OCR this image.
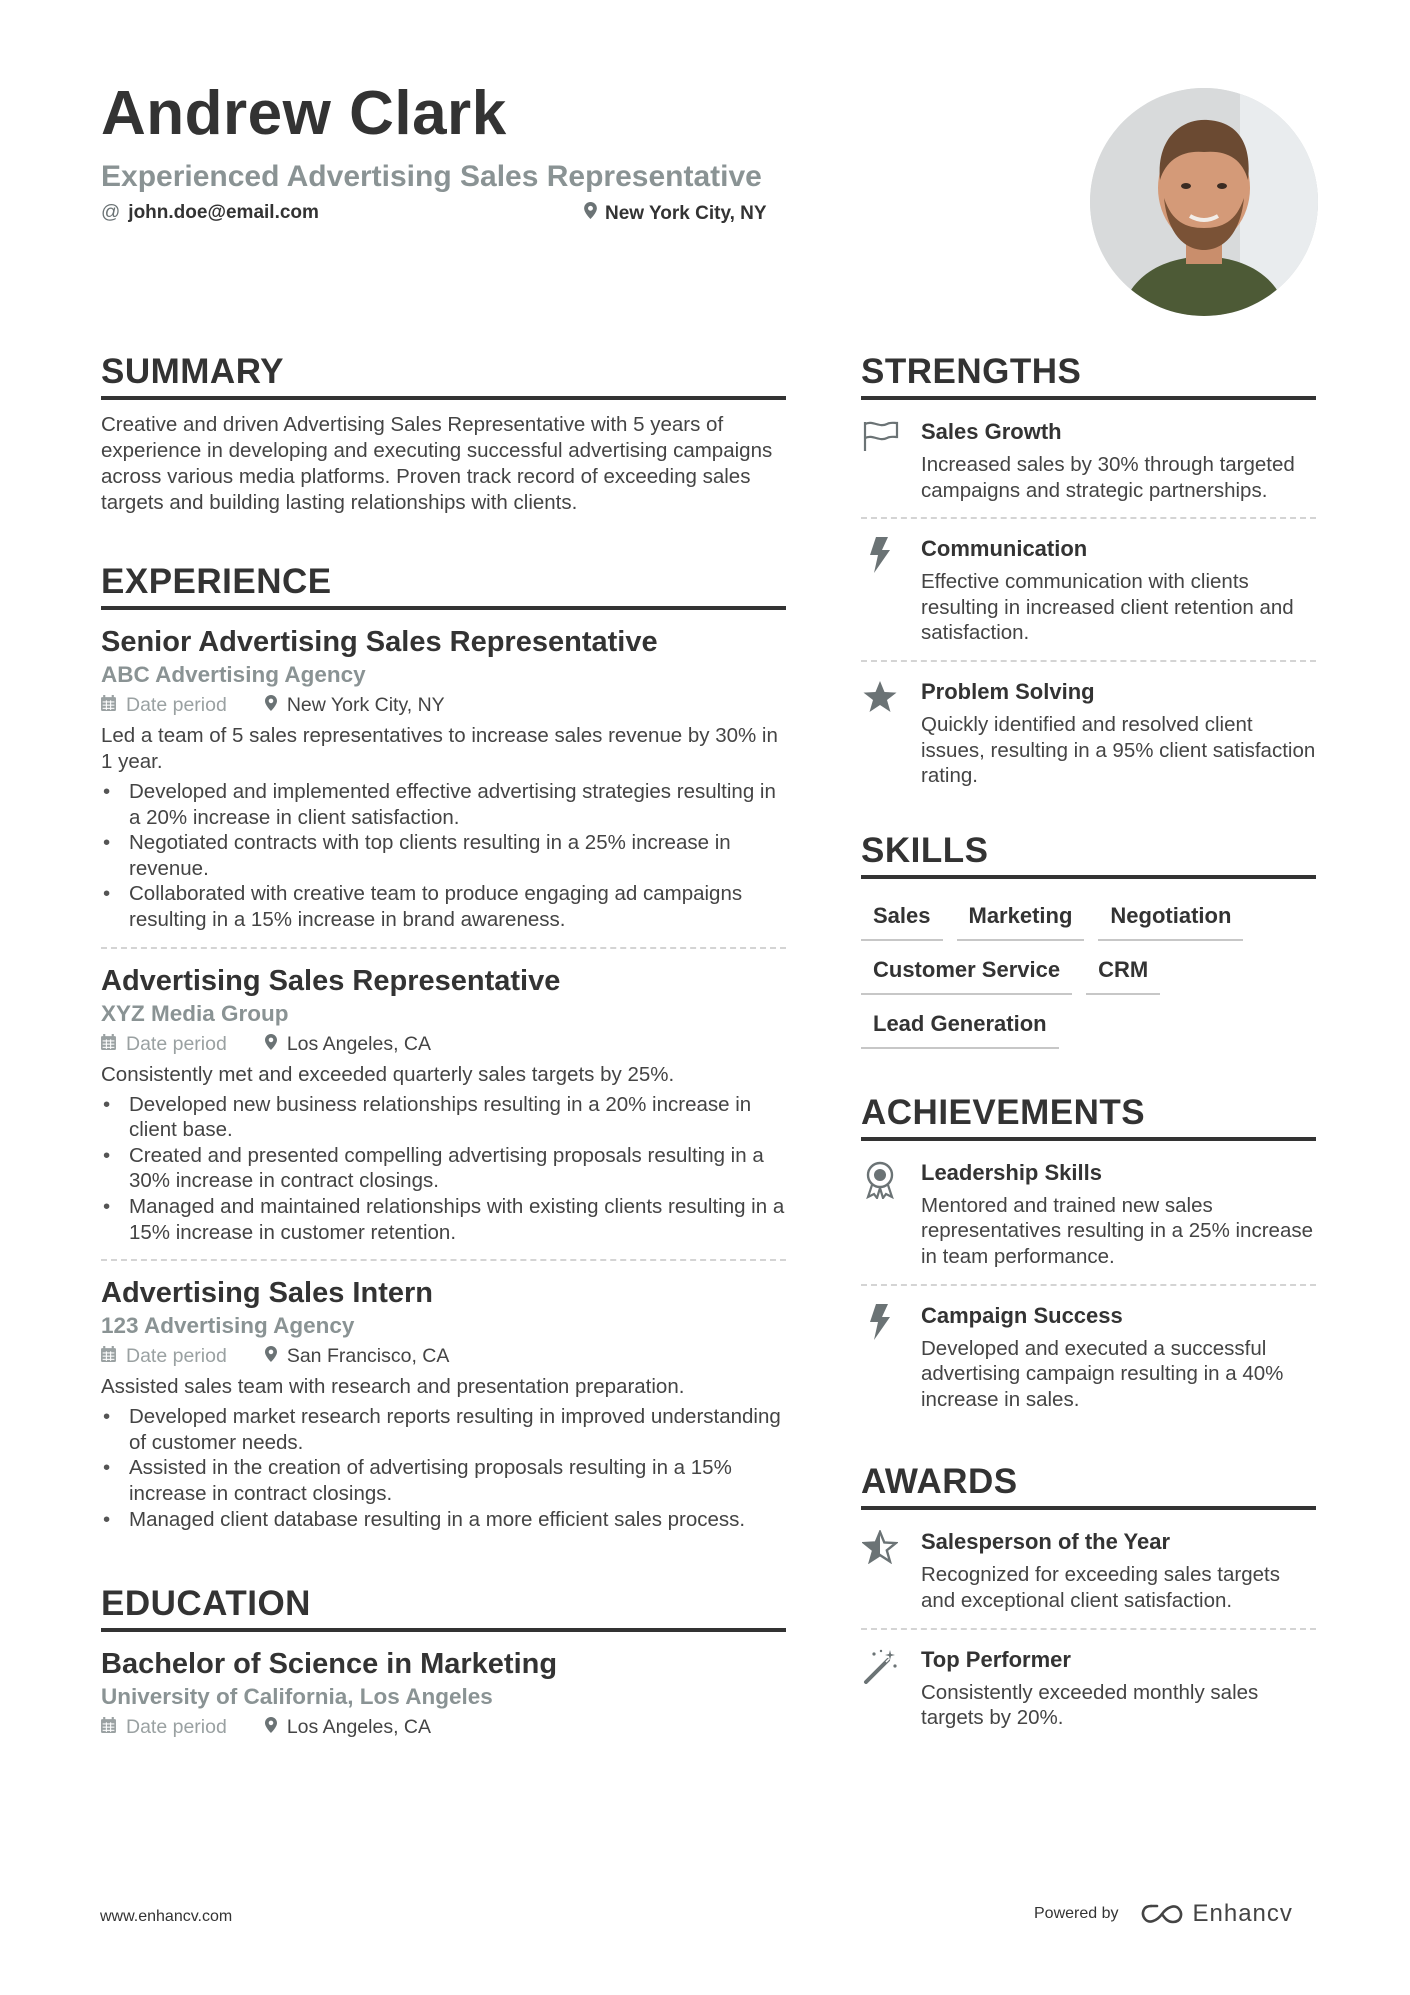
Andrew Clark
Experienced Advertising Sales Representative
@ john.doe@email.com	New York City, NY
SUMMARY

Creative and driven Advertising Sales Representative with 5 years of experience in developing and executing successful advertising campaigns across various media platforms. Proven track record of exceeding sales targets and building lasting relationships with clients.

EXPERIENCE
Senior Advertising Sales Representative
ABC Advertising Agency
Date period	New York City, NY

Led a team of 5 sales representatives to increase sales revenue by 30% in 1 year.

• Developed and implemented effective advertising strategies resulting in a 20% increase in client satisfaction.
• Negotiated contracts with top clients resulting in a 25% increase in revenue.
• Collaborated with creative team to produce engaging ad campaigns resulting in a 15% increase in brand awareness.
Advertising Sales Representative
XYZ Media Group
Date period	Los Angeles, CA

Consistently met and exceeded quarterly sales targets by 25%.

• Developed new business relationships resulting in a 20% increase in client base.
• Created and presented compelling advertising proposals resulting in a 30% increase in contract closings.
• Managed and maintained relationships with existing clients resulting in a 15% increase in customer retention.
Advertising Sales Intern
123 Advertising Agency
Date period	San Francisco, CA

Assisted sales team with research and presentation preparation.

• Developed market research reports resulting in improved understanding of customer needs.
• Assisted in the creation of advertising proposals resulting in a 15% increase in contract closings.
• Managed client database resulting in a more efficient sales process.
EDUCATION
Bachelor of Science in Marketing
University of California, Los Angeles
Date period	Los Angeles, CA
STRENGTHS
Sales Growth

Increased sales by 30% through targeted campaigns and strategic partnerships.

Communication

Effective communication with clients resulting in increased client retention and satisfaction.

Problem Solving

Quickly identified and resolved client issues, resulting in a 95% client satisfaction rating.

SKILLS
Sales	Marketing	Negotiation
Customer Service	CRM
Lead Generation
ACHIEVEMENTS
Leadership Skills

Mentored and trained new sales representatives resulting in a 25% increase in team performance.

Campaign Success

Developed and executed a successful advertising campaign resulting in a 40% increase in sales.

AWARDS
Salesperson of the Year

Recognized for exceeding sales targets and exceptional client satisfaction.

Top Performer

Consistently exceeded monthly sales targets by 20%.

www.enhancv.com	Powered by	Enhancv
